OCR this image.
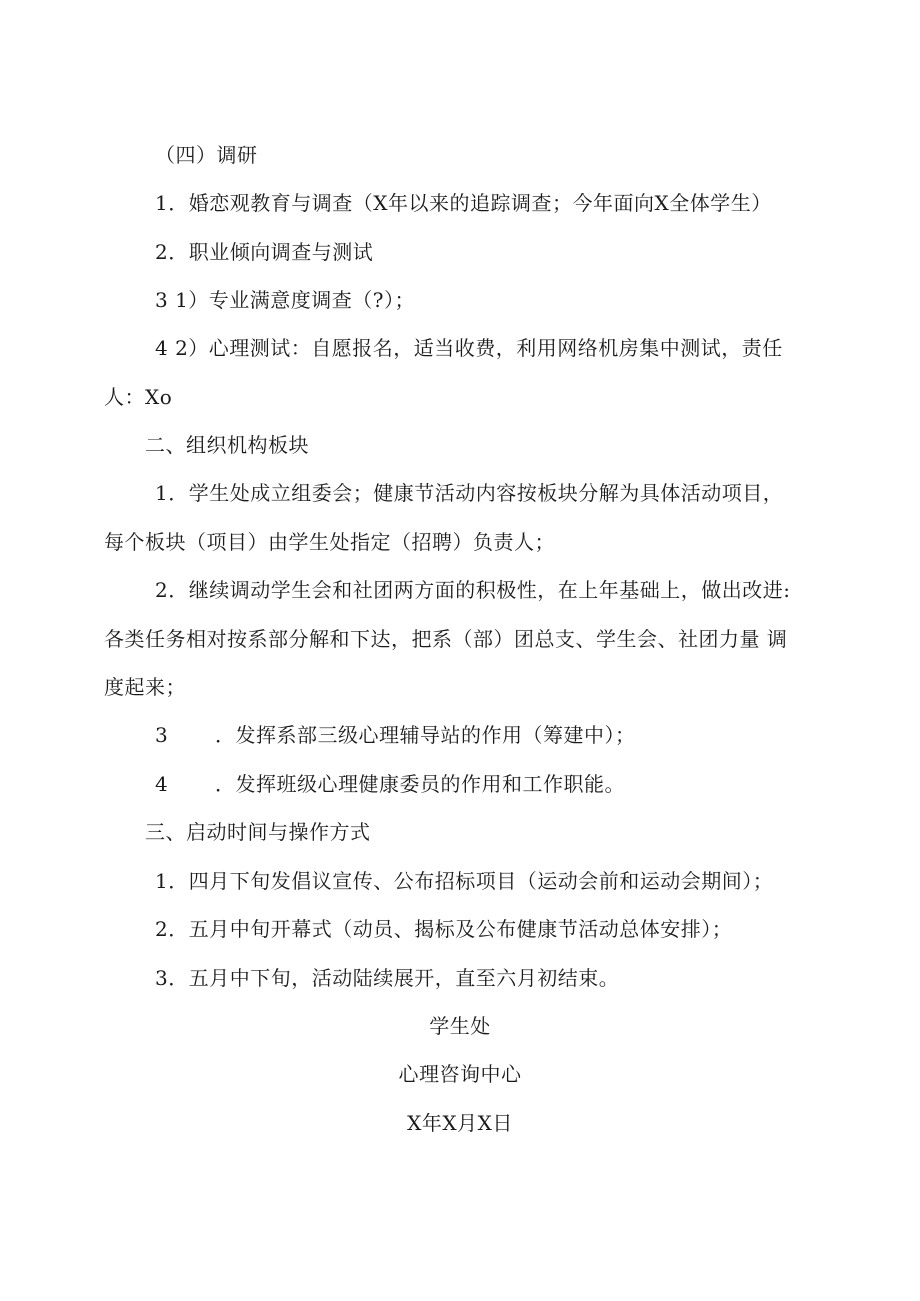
（四）调研
1．婚恋观教育与调查（X年以来的追踪调查；今年面向X全体学生）
2．职业倾向调查与测试
3 1）专业满意度调查（?）；
4 2）心理测试：自愿报名，适当收费，利用网络机房集中测试，责任
人：Xo
二、组织机构板块
1．学生处成立组委会；健康节活动内容按板块分解为具体活动项目，
每个板块（项目）由学生处指定（招聘）负责人；
2．继续调动学生会和社团两方面的积极性，在上年基础上，做出改进:
各类任务相对按系部分解和下达，把系（部）团总支、学生会、社团力量 调
度起来；
3 ．发挥系部三级心理辅导站的作用（筹建中）；
4 ．发挥班级心理健康委员的作用和工作职能。
三、启动时间与操作方式
1．四月下旬发倡议宣传、公布招标项目（运动会前和运动会期间）；
2．五月中旬开幕式（动员、揭标及公布健康节活动总体安排）；
3．五月中下旬，活动陆续展开，直至六月初结束。
学生处
心理咨询中心
X年X月X日
